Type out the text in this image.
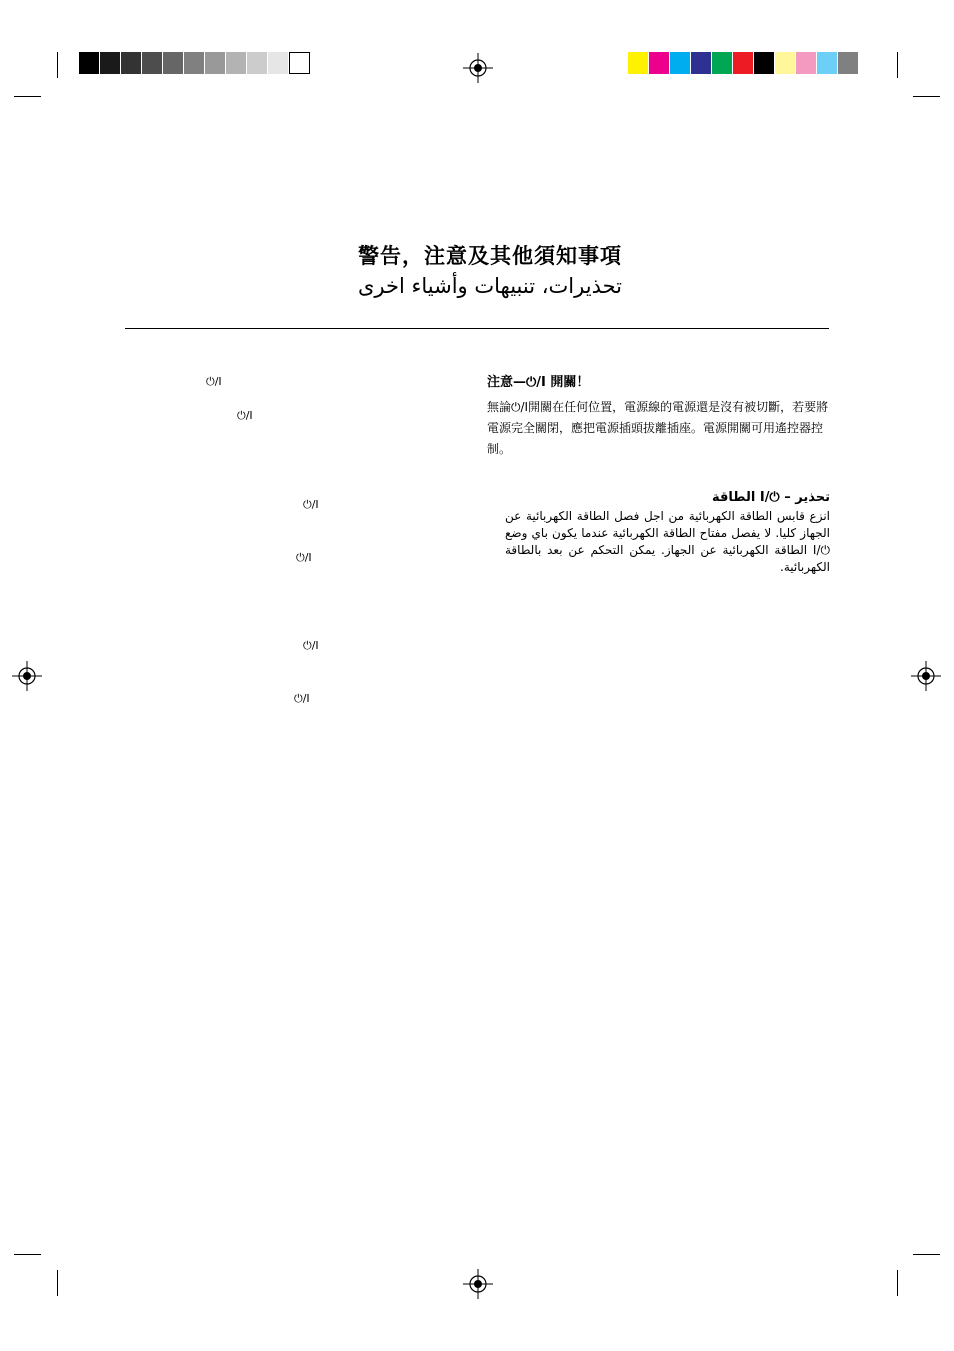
警告，注意及其他須知事項
تحذيرات، تنبيهات وأشياء اخرى
⏻/I
⏻/I
⏻/I
⏻/I
⏻/I
⏻/I
注意—⏻/I 開關！
無論⏻/I開關在任何位置，電源線的電源還是沒有被切斷，若要將電源完全關閉，應把電源插頭拔離插座。電源開關可用遙控器控制。
تحذير – ⏻/I الطاقة
انزع قابس الطاقة الكهربائية من اجل فصل الطاقة الكهربائية عن الجهاز كليا. لا يفصل مفتاح الطاقة الكهربائية عندما يكون باي وضع ⏻/I الطاقة الكهربائية عن الجهاز. يمكن التحكم عن بعد بالطاقة الكهربائية.
